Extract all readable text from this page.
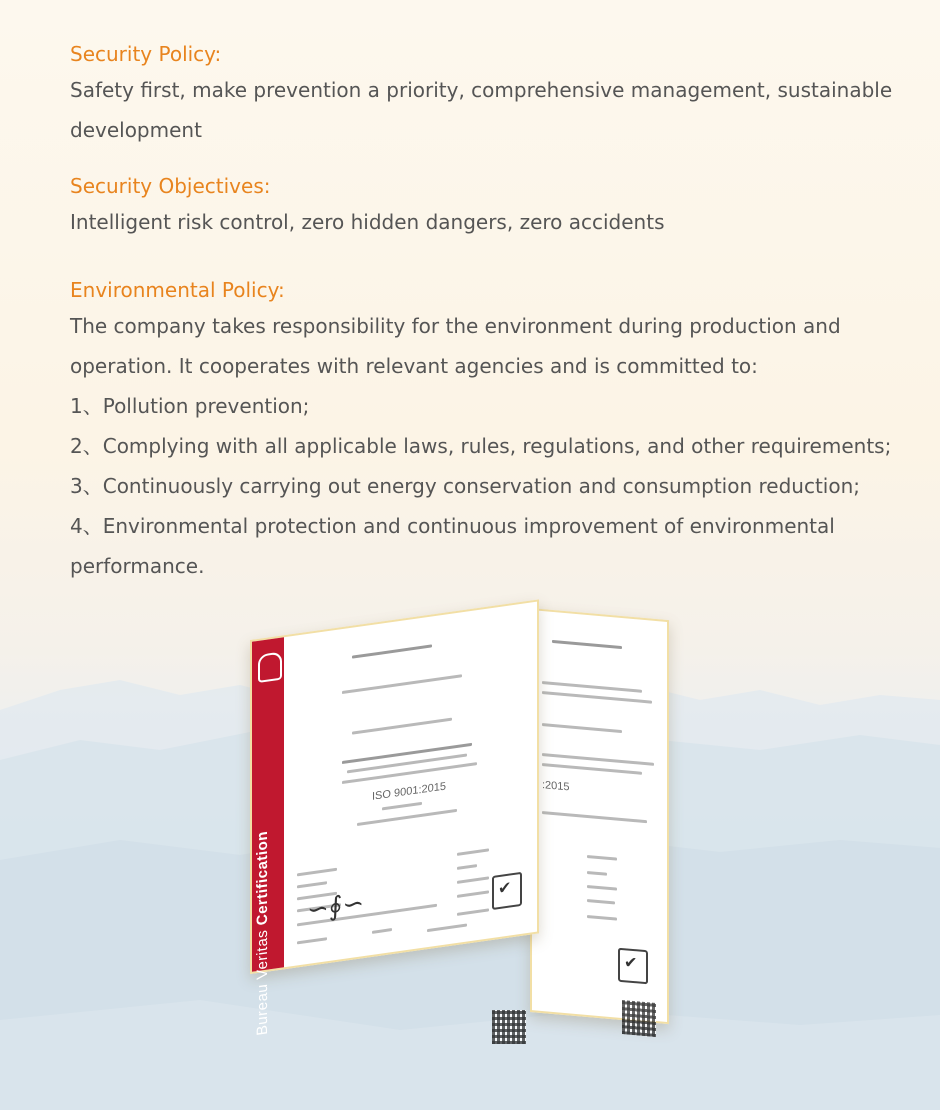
Security Policy:

Safety first, make prevention a priority, comprehensive management, sustainable development

Security Objectives:

Intelligent risk control, zero hidden dangers, zero accidents

Environmental Policy:

The company takes responsibility for the environment during production and operation. It cooperates with relevant agencies and is committed to:

1、Pollution prevention;
2、Complying with all applicable laws, rules, regulations, and other requirements;
3、Continuously carrying out energy conservation and consumption reduction;
4、Environmental protection and continuous improvement of environmental performance.
:2015
✔
Bureau Veritas Certification
ISO 9001:2015
∽∮∽
✔
